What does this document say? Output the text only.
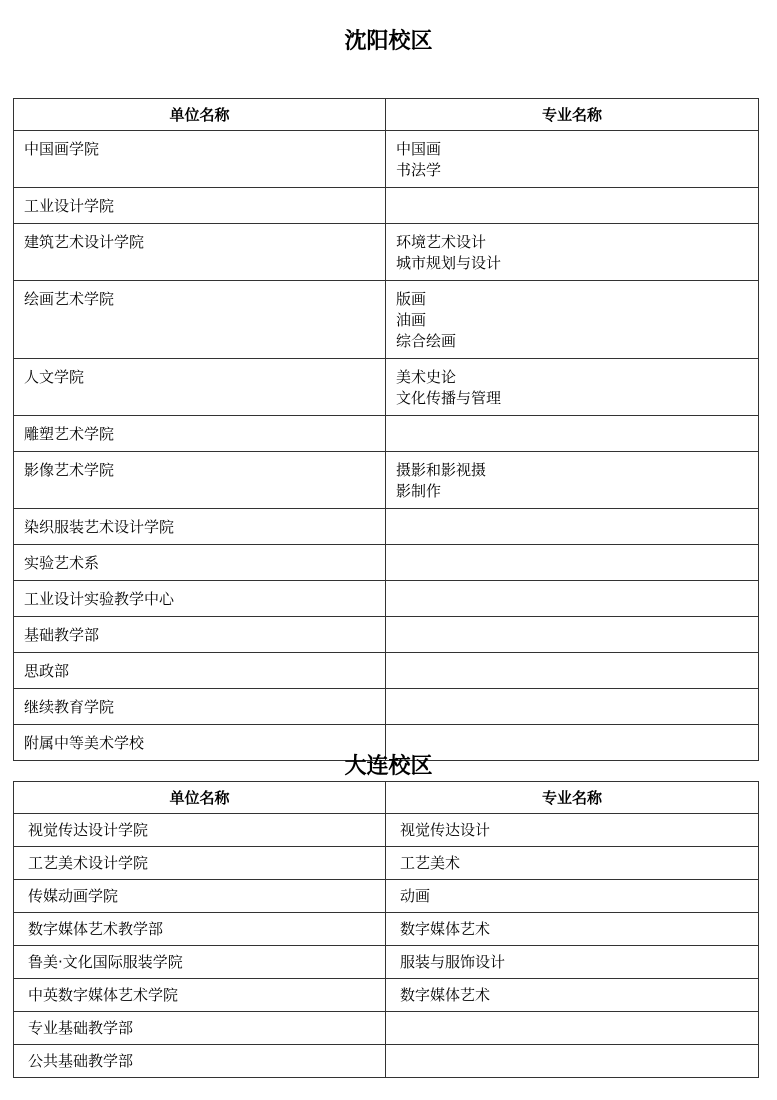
沈阳校区
单位名称	专业名称
中国画学院	中国画
书法学

工业设计学院	
建筑艺术设计学院	环境艺术设计
城市规划与设计

绘画艺术学院	版画
油画
综合绘画

人文学院	美术史论
文化传播与管理

雕塑艺术学院	
影像艺术学院	摄影和影视摄
影制作

染织服装艺术设计学院	
实验艺术系	
工业设计实验教学中心	
基础教学部	
思政部	
继续教育学院	
附属中等美术学校	
大连校区
单位名称	专业名称
视觉传达设计学院	视觉传达设计

工艺美术设计学院	工艺美术

传媒动画学院	动画

数字媒体艺术教学部	数字媒体艺术

鲁美·文化国际服装学院	服装与服饰设计

中英数字媒体艺术学院	数字媒体艺术

专业基础教学部	
公共基础教学部	
